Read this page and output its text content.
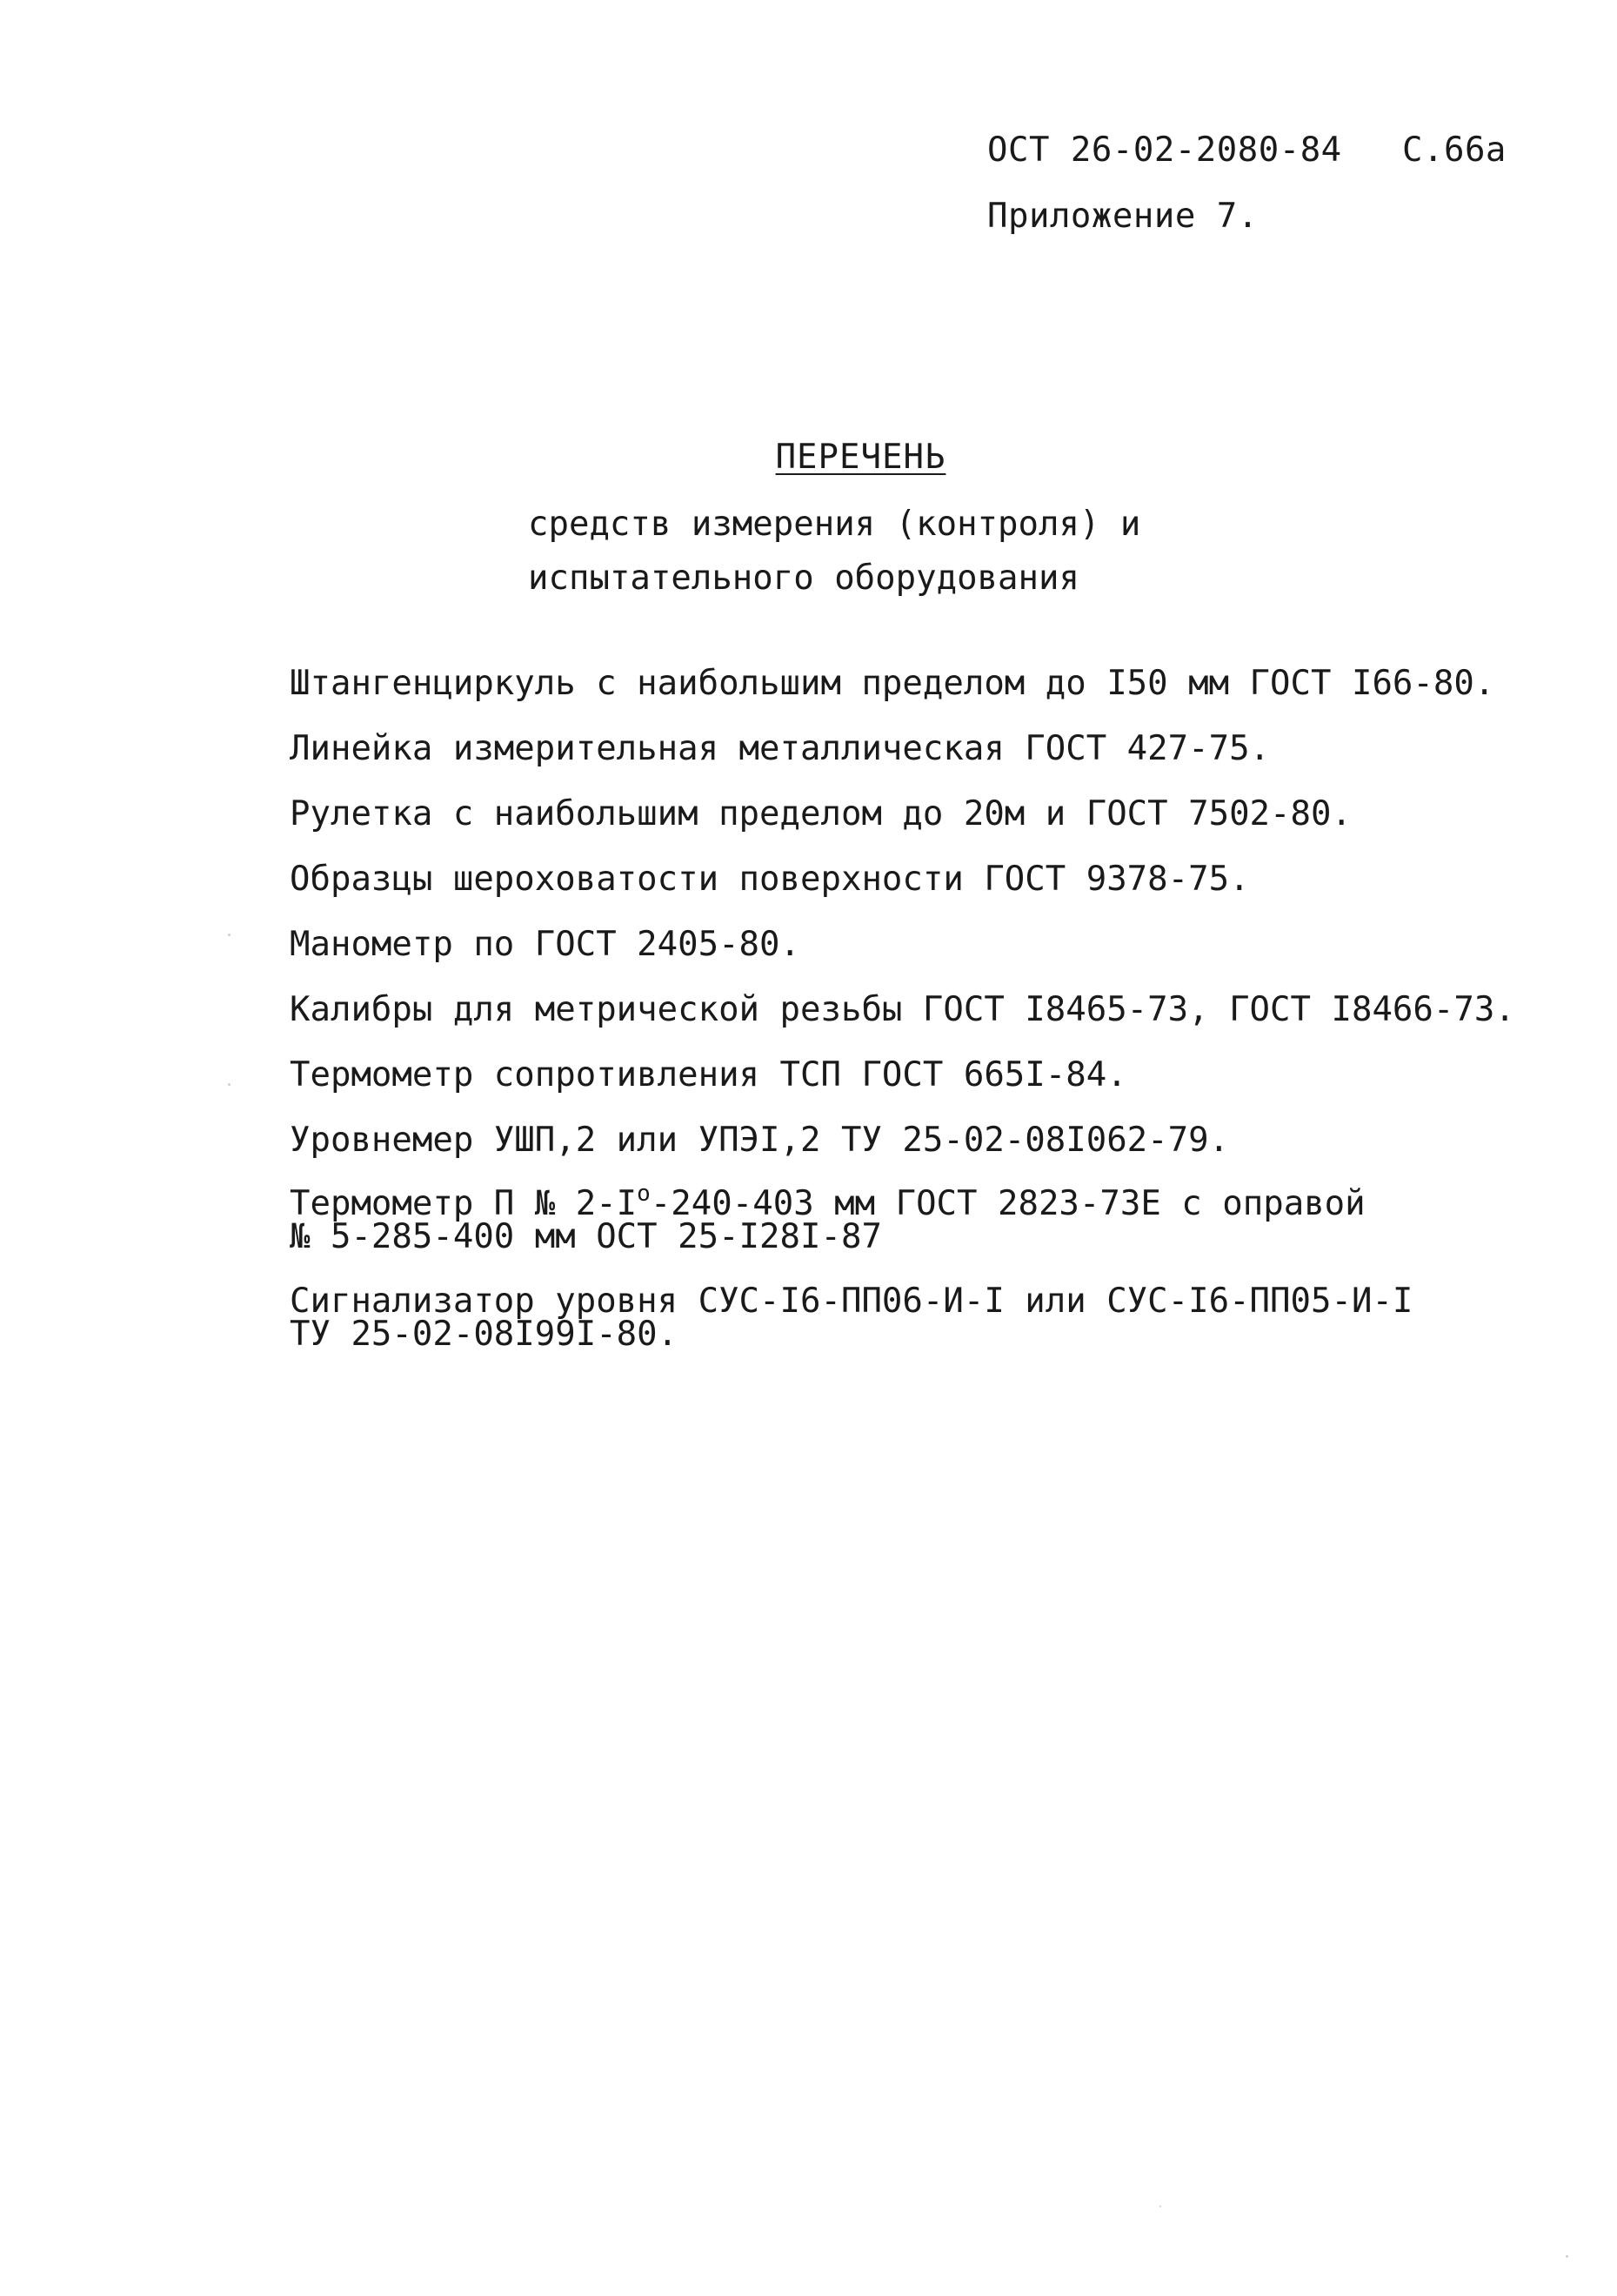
ОСТ 26-02-2080-84 С.66а
Приложение 7.
ПЕРЕЧЕНЬ
средств измерения (контроля) и
испытательного оборудования
Штангенциркуль с наибольшим пределом до I50 мм ГОСТ I66-80.
Линейка измерительная металлическая ГОСТ 427-75.
Рулетка с наибольшим пределом до 20м и ГОСТ 7502-80.
Образцы шероховатости поверхности ГОСТ 9378-75.
Манометр по ГОСТ 2405-80.
Калибры для метрической резьбы ГОСТ I8465-73, ГОСТ I8466-73.
Термометр сопротивления ТСП ГОСТ 665I-84.
Уровнемер УШП,2 или УПЭI,2 ТУ 25-02-08I062-79.
Термометр П № $2-I^о-240-403$ мм ГОСТ 2823-73Е с оправой
№ 5-285-400 мм ОСТ 25-I28I-87
Сигнализатор уровня СУС-I6-ПП06-И-I или СУС-I6-ПП05-И-I
ТУ 25-02-08I99I-80.
